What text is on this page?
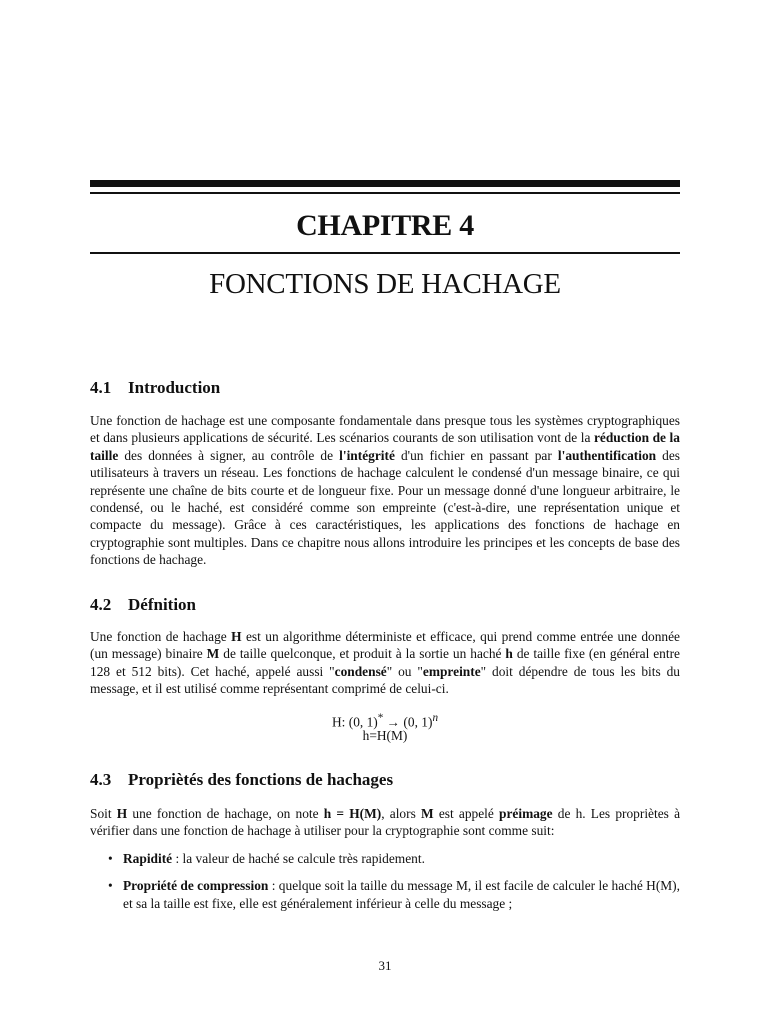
CHAPITRE 4
FONCTIONS DE HACHAGE
4.1 Introduction

Une fonction de hachage est une composante fondamentale dans presque tous les systèmes cryptographiques et dans plusieurs applications de sécurité. Les scénarios courants de son utilisation vont de la réduction de la taille des données à signer, au contrôle de l'intégrité d'un fichier en passant par l'authentification des utilisateurs à travers un réseau. Les fonctions de hachage calculent le condensé d'un message binaire, ce qui représente une chaîne de bits courte et de longueur fixe. Pour un message donné d'une longueur arbitraire, le condensé, ou le haché, est considéré comme son empreinte (c'est-à-dire, une représentation unique et compacte du message). Grâce à ces caractéristiques, les applications des fonctions de hachage en cryptographie sont multiples. Dans ce chapitre nous allons introduire les principes et les concepts de base des fonctions de hachage.

4.2 Défnition

Une fonction de hachage H est un algorithme déterministe et efficace, qui prend comme entrée une donnée (un message) binaire M de taille quelconque, et produit à la sortie un haché h de taille fixe (en général entre 128 et 512 bits). Cet haché, appelé aussi "condensé" ou "empreinte" doit dépendre de tous les bits du message, et il est utilisé comme représentant comprimé de celui-ci.

H: (0, 1)* → (0, 1)$^n$
h=H(M)
4.3 Propriètés des fonctions de hachages

Soit H une fonction de hachage, on note h = H(M), alors M est appelé préimage de h. Les propriètes à vérifier dans une fonction de hachage à utiliser pour la cryptographie sont comme suit:

• Rapidité : la valeur de haché se calcule très rapidement.
• Propriété de compression : quelque soit la taille du message M, il est facile de calculer le haché H(M), et sa la taille est fixe, elle est généralement inférieur à celle du message ;
31
